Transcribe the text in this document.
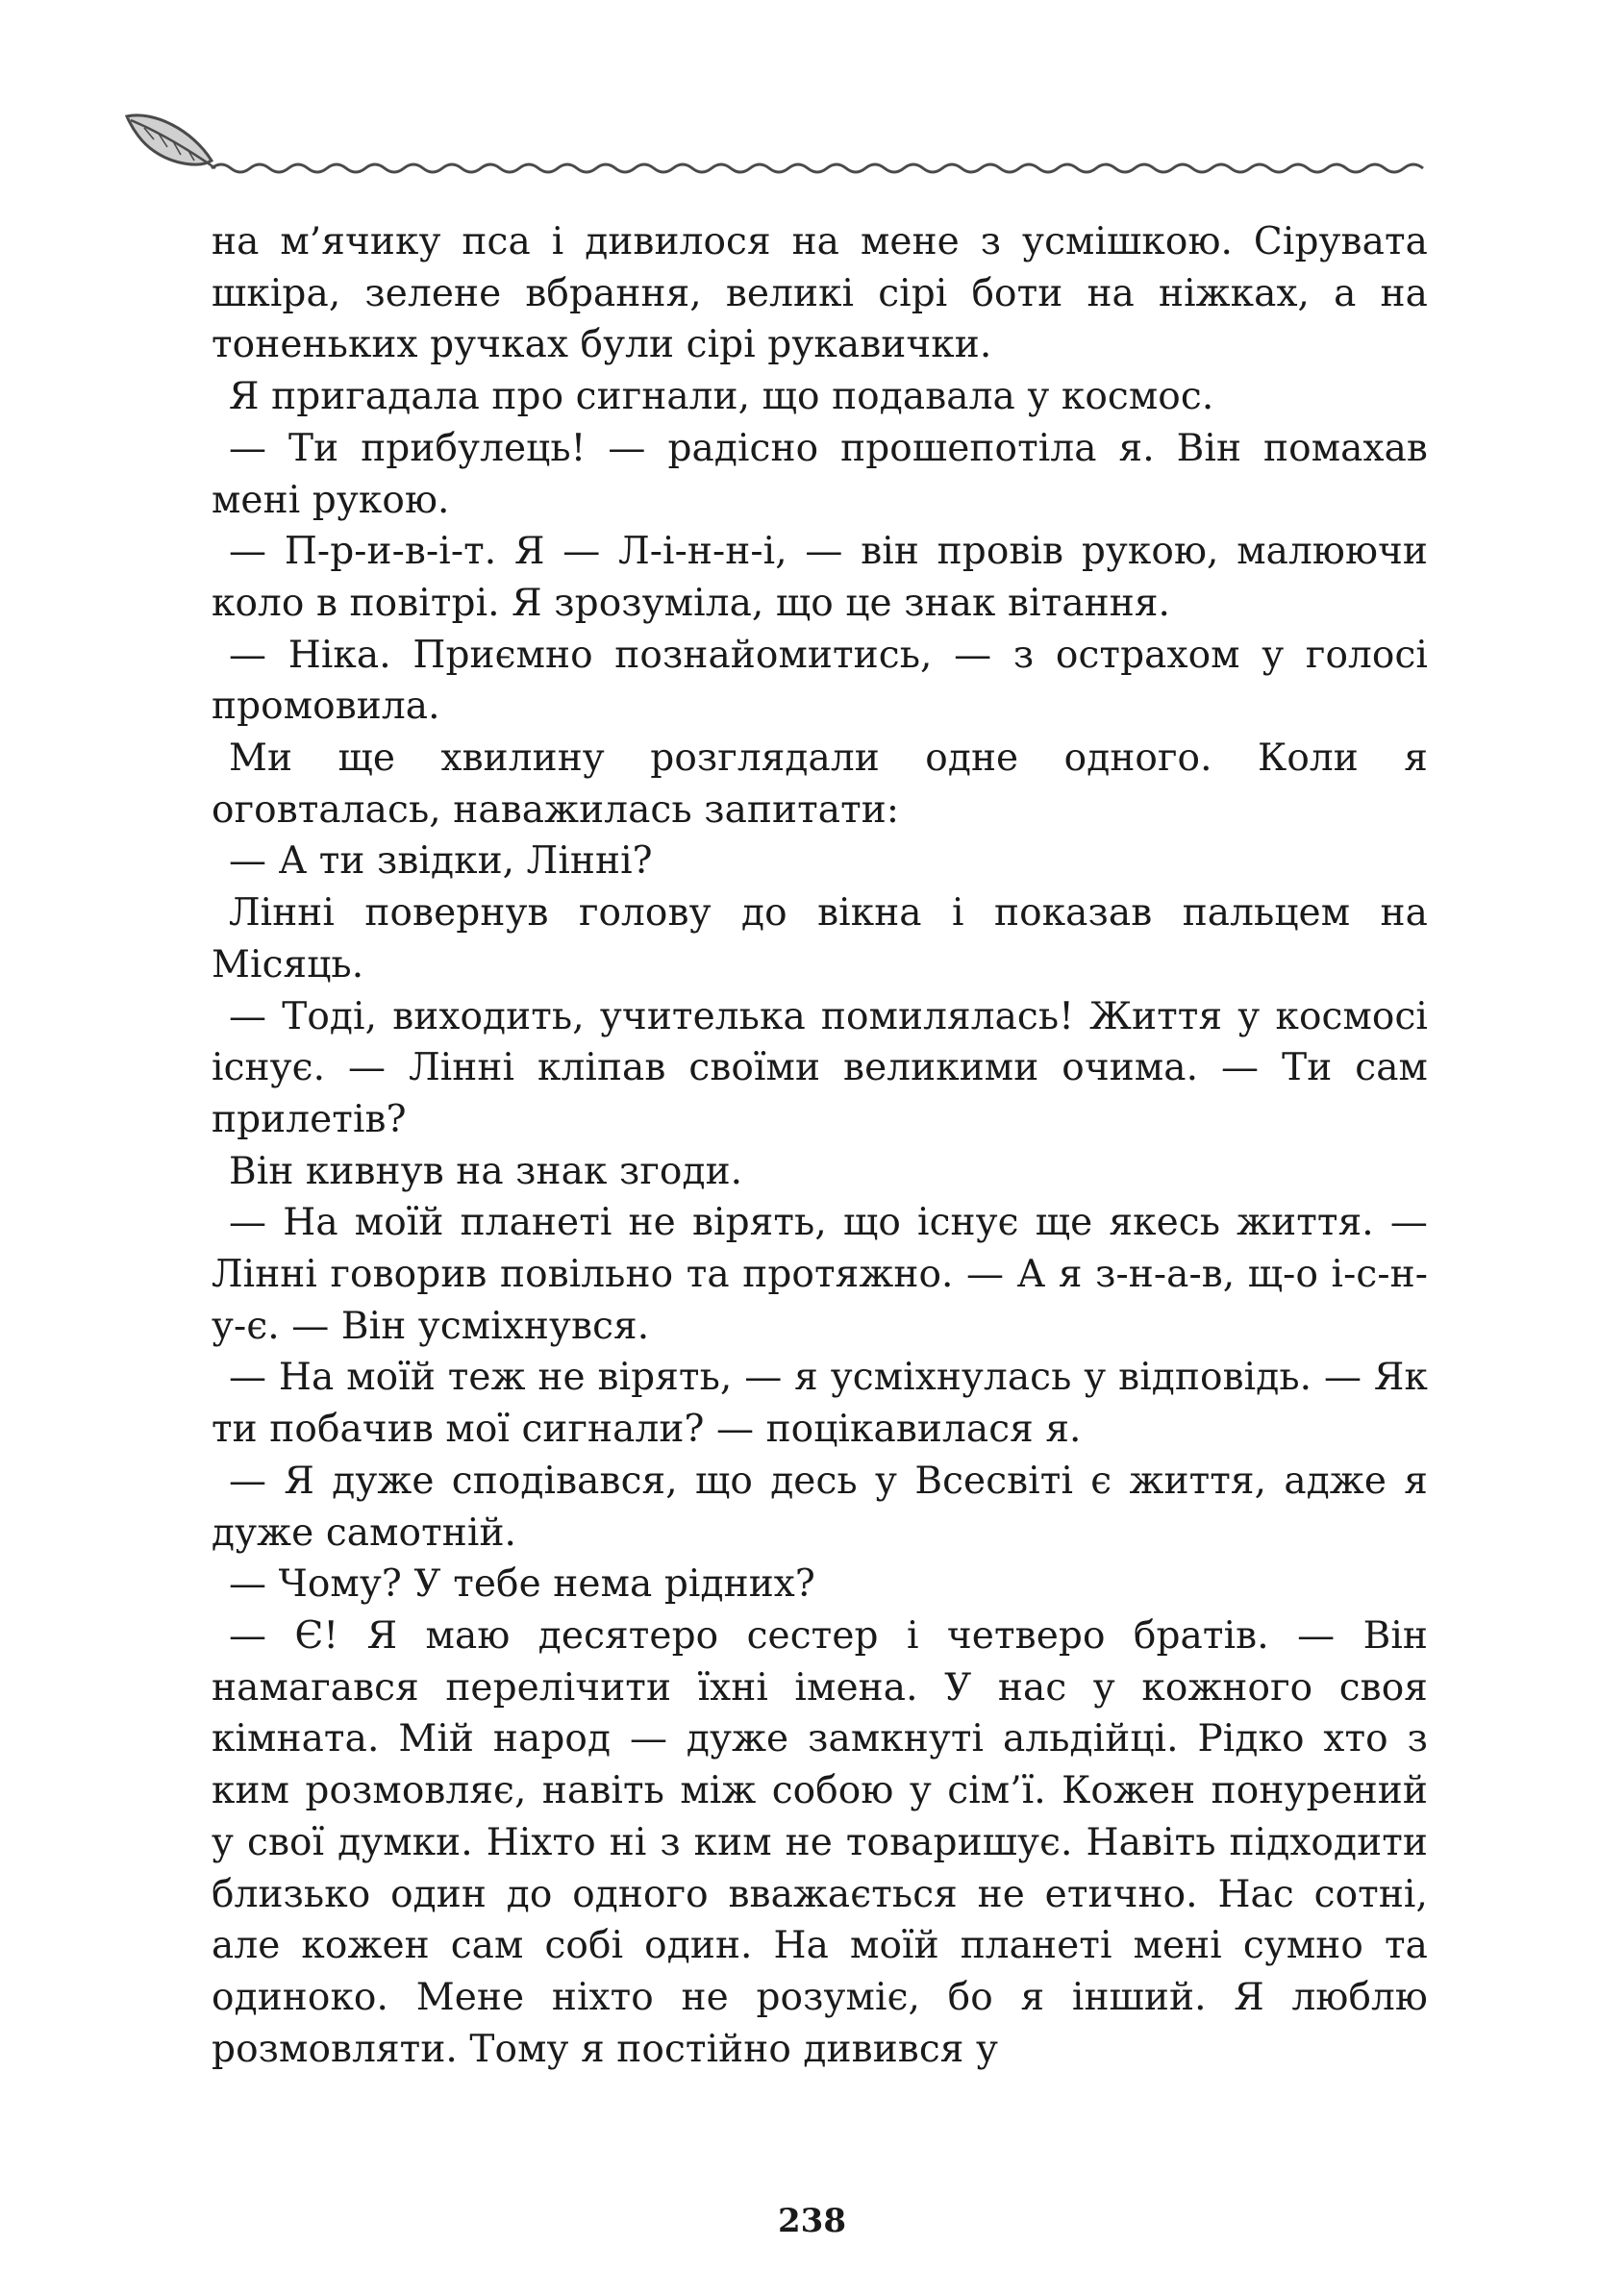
на м’ячику пса і дивилося на мене з усмішкою. Сірувата шкіра, зелене вбрання, великі сірі боти на ніжках, а на тоненьких ручках були сірі рукавички.

Я пригадала про сигнали, що подавала у космос.

— Ти прибулець! — радісно прошепотіла я. Він помахав мені рукою.

— П-р-и-в-і-т. Я — Л-і-н-н-і, — він провів рукою, малюючи коло в повітрі. Я зрозуміла, що це знак вітання.

— Ніка. Приємно познайомитись, — з острахом у голосі промовила.

Ми ще хвилину розглядали одне одного. Коли я оговталась, наважилась запитати:

— А ти звідки, Лінні?

Лінні повернув голову до вікна і показав пальцем на Місяць.

— Тоді, виходить, учителька помилялась! Життя у космосі існує. — Лінні кліпав своїми великими очима. — Ти сам прилетів?

Він кивнув на знак згоди.

— На моїй планеті не вірять, що існує ще якесь життя. — Лінні говорив повільно та протяжно. — А я з-н-а-в, щ-о і-с-н-у-є. — Він усміхнувся.

— На моїй теж не вірять, — я усміхнулась у відповідь. — Як ти побачив мої сигнали? — поцікавилася я.

— Я дуже сподівався, що десь у Всесвіті є життя, адже я дуже самотній.

— Чому? У тебе нема рідних?

— Є! Я маю десятеро сестер і четверо братів. — Він намагався перелічити їхні імена. У нас у кожного своя кімната. Мій народ — дуже замкнуті альдійці. Рідко хто з ким розмовляє, навіть між собою у сім’ї. Кожен понурений у свої думки. Ніхто ні з ким не товаришує. Навіть підходити близько один до одного вважається не етично. Нас сотні, але кожен сам собі один. На моїй планеті мені сумно та одиноко. Мене ніхто не розуміє, бо я інший. Я люблю розмовляти. Тому я постійно дивився у

238
